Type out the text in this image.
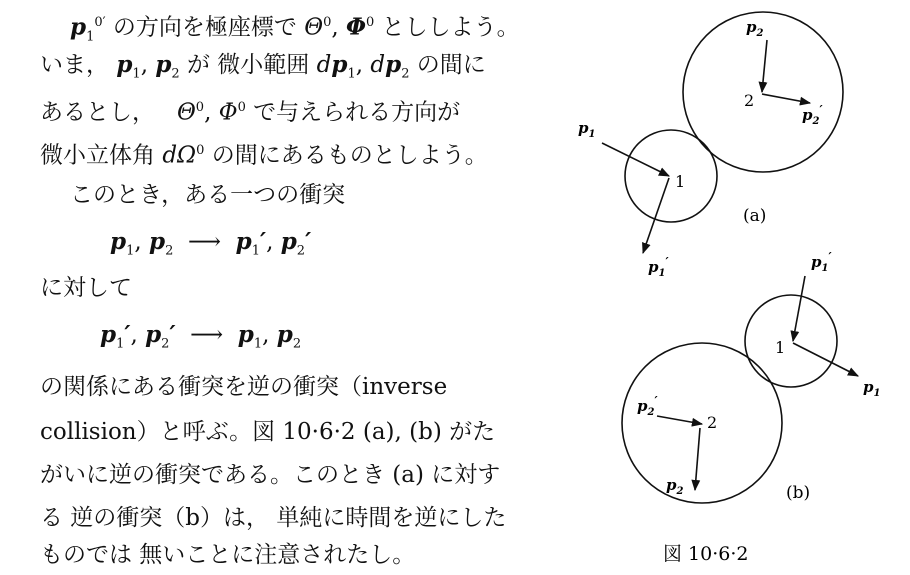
$p_1^{0'}$ の方向を極座標で $\Theta^0$, $\Phi^0$ とししよう。
いま， $p_1$, $p_2$ が 微小範囲 $dp_1$, $dp_2$ の間に
あるとし， $\Theta^0$, $\Phi^0$ で与えられる方向が
微小立体角 $d\Omega^0$ の間にあるものとしよう。
このとき，ある一つの衝突
$p_1$, $p_2$ ⟶ $p_1'$, $p_2'$
に対して
$p_1'$, $p_2'$ ⟶ $p_1$, $p_2$
の関係にある衝突を逆の衝突（inverse
collision）と呼ぶ。図 10·6·2 (a), (b) がた
がいに逆の衝突である。このとき (a) に対す
る 逆の衝突（b）は， 単純に時間を逆にした
ものでは 無いことに注意されたし。
1
2
$p_1$
$p_1'$
$p_2$
$p_2'$
(a)
1
2
$p_1'$
$p_1$
$p_2'$
$p_2$	(b)
図 10·6·2
